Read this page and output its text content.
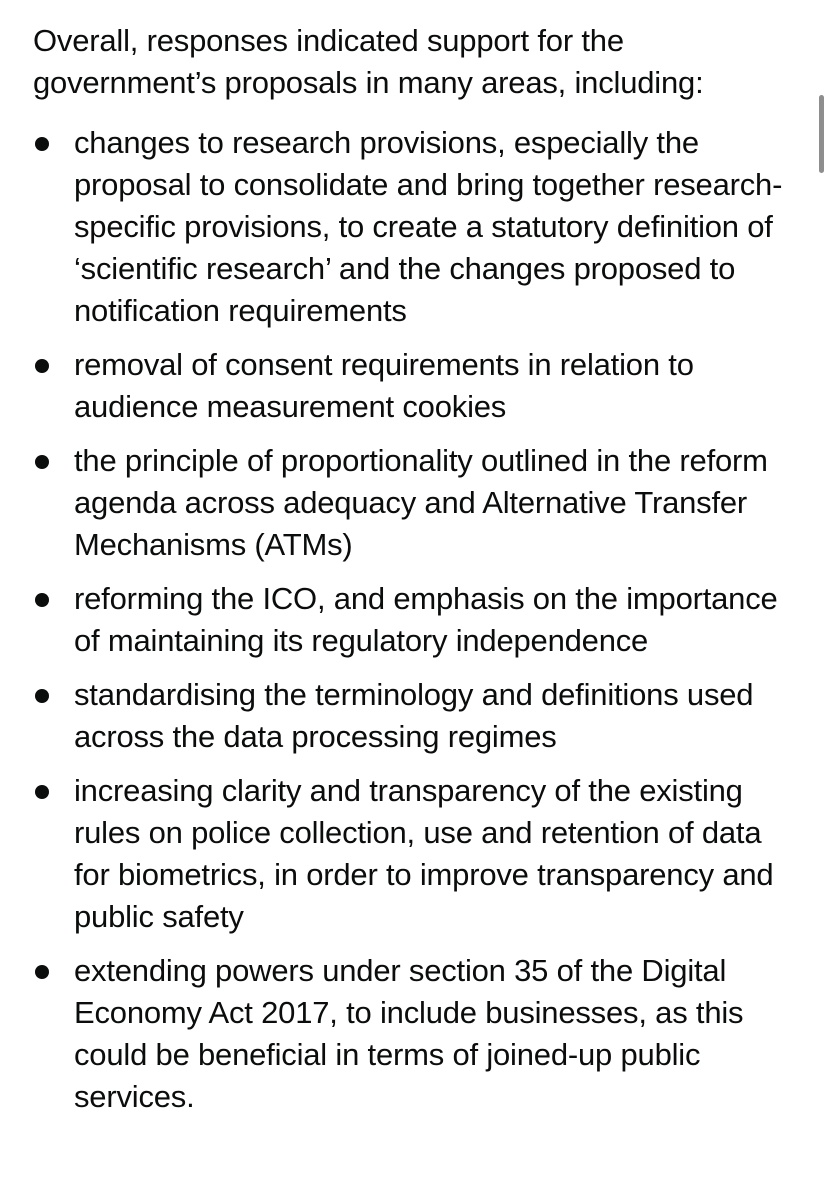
Overall, responses indicated support for the government’s proposals in many areas, including:

changes to research provisions, especially the proposal to consolidate and bring together research-specific provisions, to create a statutory definition of ‘scientific research’ and the changes proposed to notification requirements
removal of consent requirements in relation to audience measurement cookies
the principle of proportionality outlined in the reform agenda across adequacy and Alternative Transfer Mechanisms (ATMs)
reforming the ICO, and emphasis on the importance of maintaining its regulatory independence
standardising the terminology and definitions used across the data processing regimes
increasing clarity and transparency of the existing rules on police collection, use and retention of data for biometrics, in order to improve transparency and public safety
extending powers under section 35 of the Digital Economy Act 2017, to include businesses, as this could be beneficial in terms of joined-up public services.
